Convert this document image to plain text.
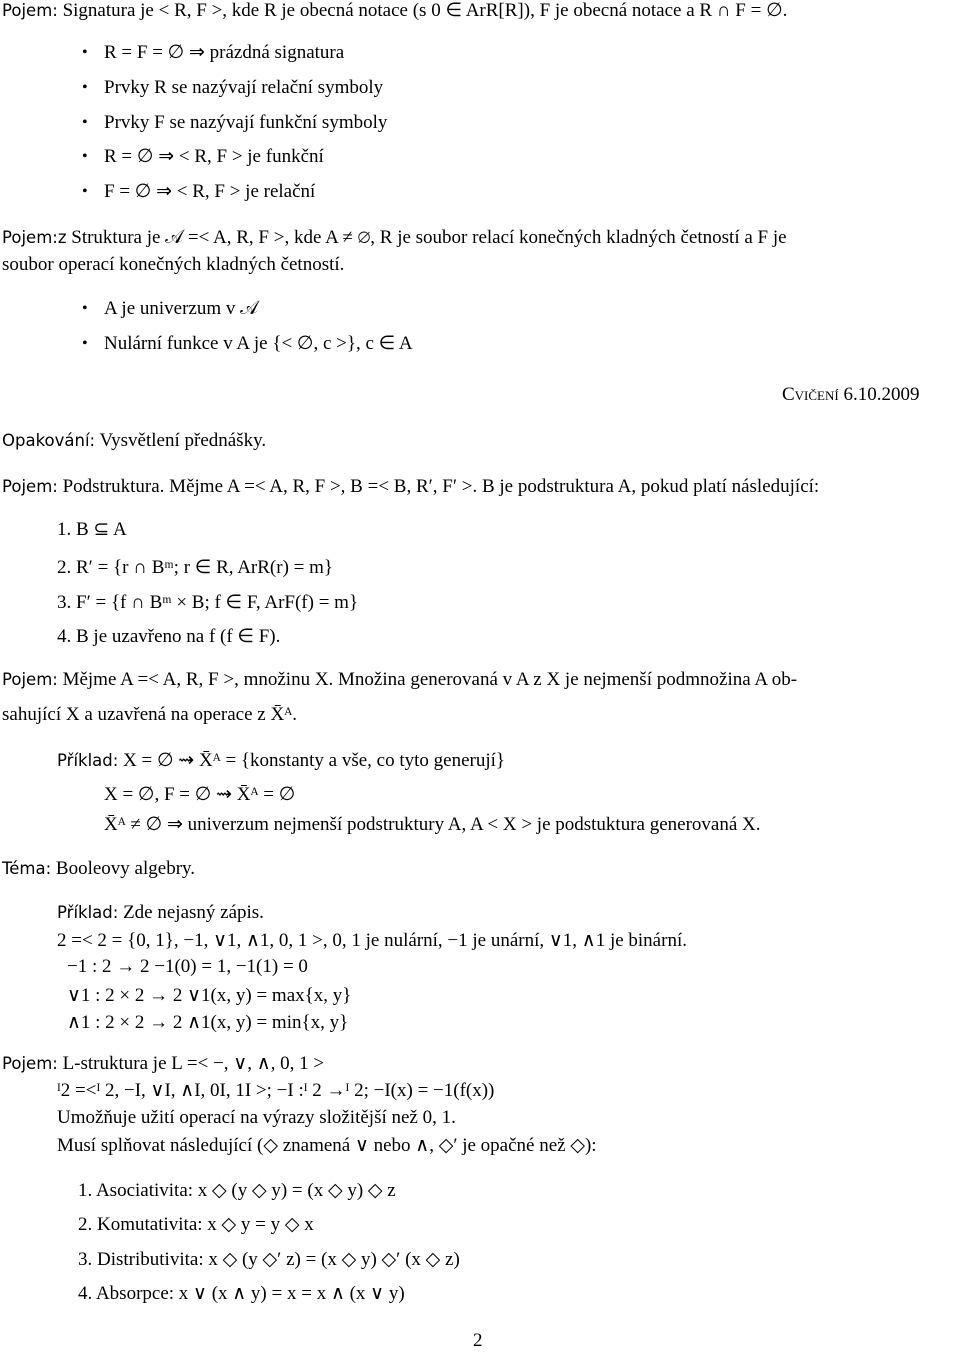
Pojem: Signatura je < R, F >, kde R je obecná notace (s 0 ∈ ArR[R]), F je obecná notace a R ∩ F = ∅.
• R = F = ∅ ⇒ prázdná signatura
• Prvky R se nazývají relační symboly
• Prvky F se nazývají funkční symboly
• R = ∅ ⇒ < R, F > je funkční
• F = ∅ ⇒ < R, F > je relační
Pojem:z Struktura je 𝒜 =< A, R, F >, kde A ≠ ∅, R je soubor relací konečných kladných četností a F je
soubor operací konečných kladných četností.
• A je univerzum v 𝒜
• Nulární funkce v A je {< ∅, c >}, c ∈ A
Cvičení 6.10.2009
Opakování: Vysvětlení přednášky.
Pojem: Podstruktura. Mějme A =< A, R, F >, B =< B, R′, F′ >. B je podstruktura A, pokud platí následující:
1. B ⊆ A
2. R′ = {r ∩ Bᵐ; r ∈ R, ArR(r) = m}
3. F′ = {f ∩ Bᵐ × B; f ∈ F, ArF(f) = m}
4. B je uzavřeno na f (f ∈ F).
Pojem: Mějme A =< A, R, F >, množinu X. Množina generovaná v A z X je nejmenší podmnožina A ob-
sahující X a uzavřená na operace z X̄ᴬ.
Příklad: X = ∅ ⇝ X̄ᴬ = {konstanty a vše, co tyto generují}
X = ∅, F = ∅ ⇝ X̄ᴬ = ∅
X̄ᴬ ≠ ∅ ⇒ univerzum nejmenší podstruktury A, A < X > je podstuktura generovaná X.
Téma: Booleovy algebry.
Příklad: Zde nejasný zápis.
2 =< 2 = {0, 1}, −1, ∨1, ∧1, 0, 1 >, 0, 1 je nulární, −1 je unární, ∨1, ∧1 je binární.
−1 : 2 → 2 −1(0) = 1, −1(1) = 0
∨1 : 2 × 2 → 2 ∨1(x, y) = max{x, y}
∧1 : 2 × 2 → 2 ∧1(x, y) = min{x, y}
Pojem: L-struktura je L =< −, ∨, ∧, 0, 1 >
ᴵ2 =<ᴵ 2, −I, ∨I, ∧I, 0I, 1I >; −I :ᴵ 2 →ᴵ 2; −I(x) = −1(f(x))
Umožňuje užití operací na výrazy složitější než 0, 1.
Musí splňovat následující (◇ znamená ∨ nebo ∧, ◇′ je opačné než ◇):
1. Asociativita: x ◇ (y ◇ y) = (x ◇ y) ◇ z
2. Komutativita: x ◇ y = y ◇ x
3. Distributivita: x ◇ (y ◇′ z) = (x ◇ y) ◇′ (x ◇ z)
4. Absorpce: x ∨ (x ∧ y) = x = x ∧ (x ∨ y)
2
